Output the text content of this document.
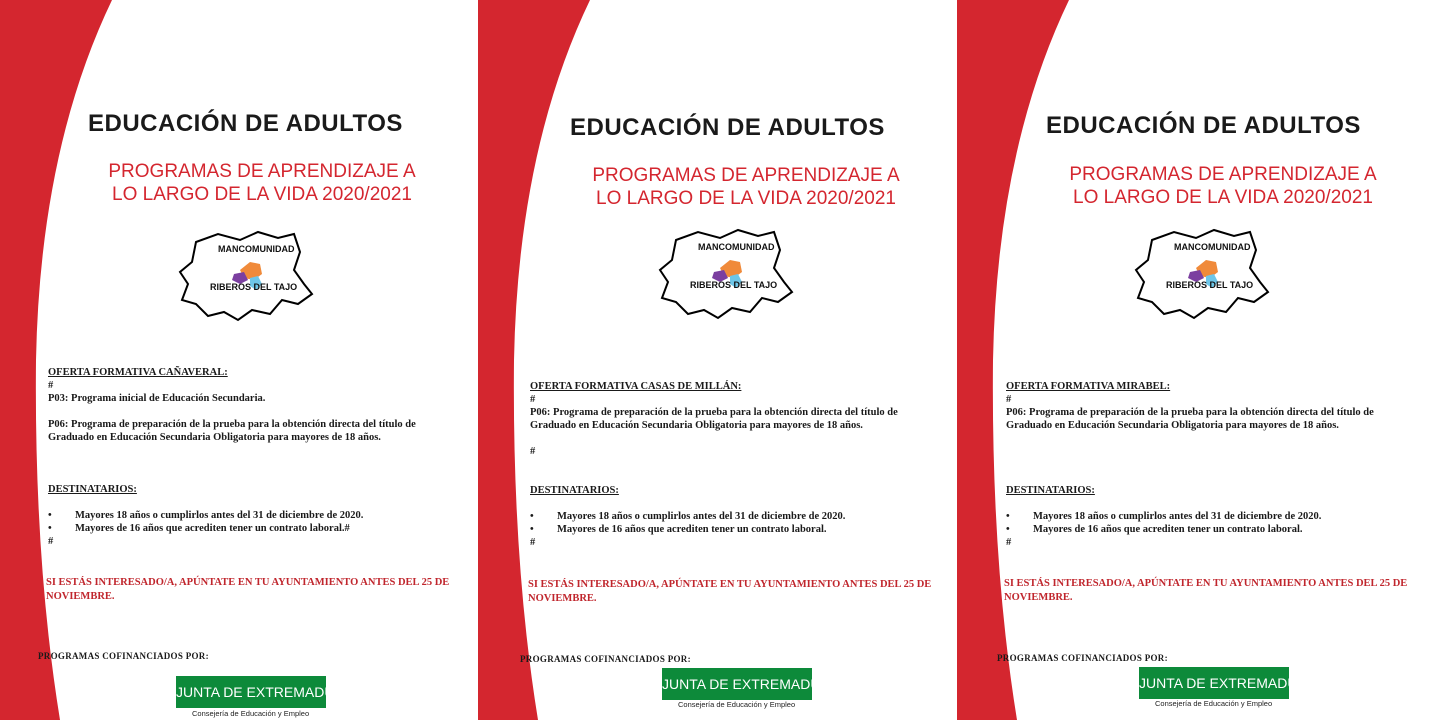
EDUCACIÓN DE ADULTOS
PROGRAMAS DE APRENDIZAJE A
LO LARGO DE LA VIDA 2020/2021
MANCOMUNIDAD
RIBEROS DEL TAJO
OFERTA FORMATIVA CAÑAVERAL:
#
P03: Programa inicial de Educación Secundaria.
P06: Programa de preparación de la prueba para la obtención directa del título de
Graduado en Educación Secundaria Obligatoria para mayores de 18 años.
DESTINATARIOS:
• Mayores 18 años o cumplirlos antes del 31 de diciembre de 2020.
• Mayores de 16 años que acrediten tener un contrato laboral.#
#
SI ESTÁS INTERESADO/A, APÚNTATE EN TU AYUNTAMIENTO ANTES DEL 25 DE NOVIEMBRE.
PROGRAMAS COFINANCIADOS POR:
JUNTA DE EXTREMADURA
Consejería de Educación y Empleo
EDUCACIÓN DE ADULTOS
PROGRAMAS DE APRENDIZAJE A
LO LARGO DE LA VIDA 2020/2021
MANCOMUNIDAD
RIBEROS DEL TAJO
OFERTA FORMATIVA CASAS DE MILLÁN:
#
P06: Programa de preparación de la prueba para la obtención directa del título de
Graduado en Educación Secundaria Obligatoria para mayores de 18 años.
#
DESTINATARIOS:
• Mayores 18 años o cumplirlos antes del 31 de diciembre de 2020.
• Mayores de 16 años que acrediten tener un contrato laboral.
#
SI ESTÁS INTERESADO/A, APÚNTATE EN TU AYUNTAMIENTO ANTES DEL 25 DE NOVIEMBRE.
PROGRAMAS COFINANCIADOS POR:
JUNTA DE EXTREMADURA
Consejería de Educación y Empleo
EDUCACIÓN DE ADULTOS
PROGRAMAS DE APRENDIZAJE A
LO LARGO DE LA VIDA 2020/2021
MANCOMUNIDAD
RIBEROS DEL TAJO
OFERTA FORMATIVA MIRABEL:
#
P06: Programa de preparación de la prueba para la obtención directa del título de
Graduado en Educación Secundaria Obligatoria para mayores de 18 años.
DESTINATARIOS:
• Mayores 18 años o cumplirlos antes del 31 de diciembre de 2020.
• Mayores de 16 años que acrediten tener un contrato laboral.
#
SI ESTÁS INTERESADO/A, APÚNTATE EN TU AYUNTAMIENTO ANTES DEL 25 DE NOVIEMBRE.
PROGRAMAS COFINANCIADOS POR:
JUNTA DE EXTREMADURA
Consejería de Educación y Empleo
